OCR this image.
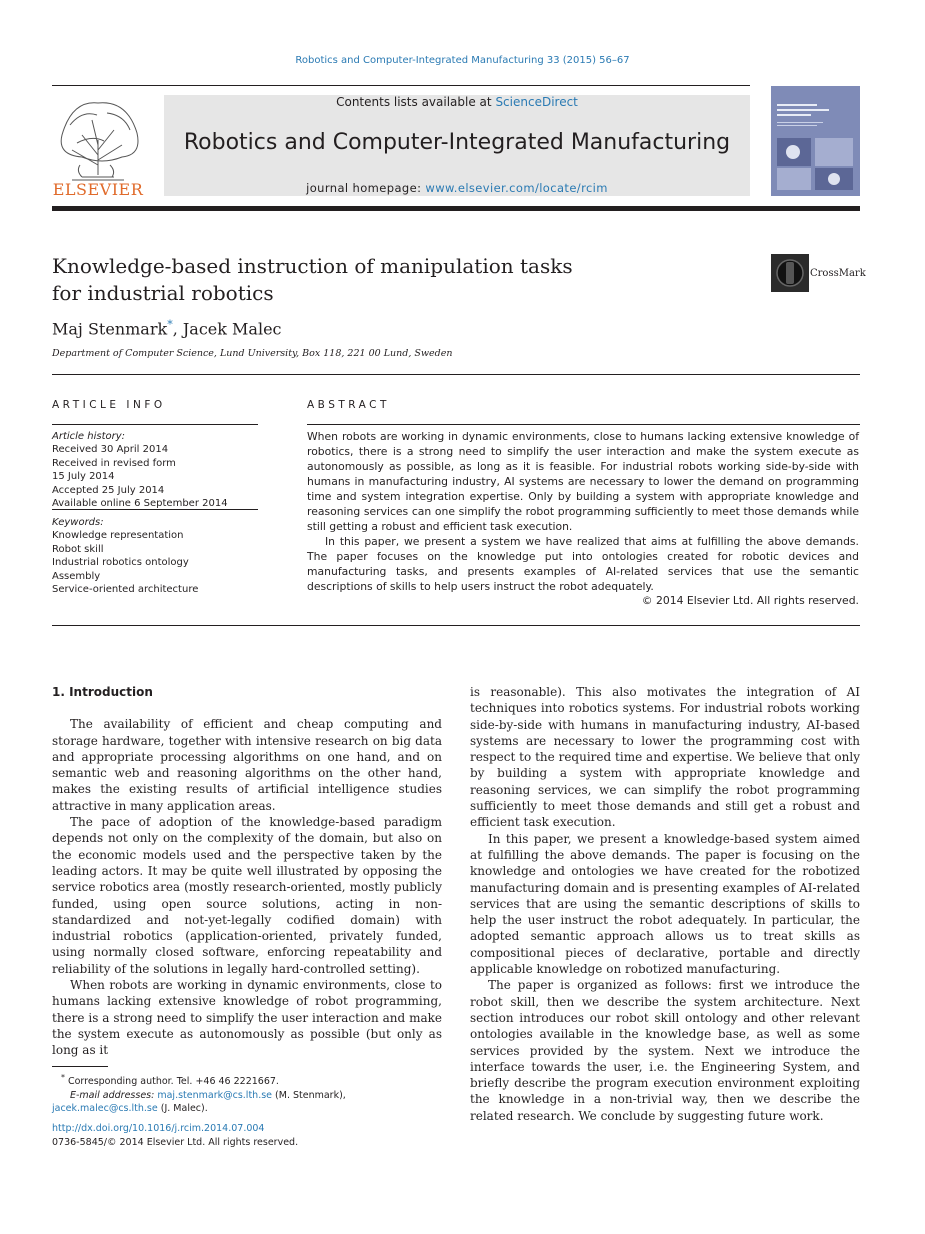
Robotics and Computer-Integrated Manufacturing 33 (2015) 56–67
ELSEVIER
Contents lists available at ScienceDirect
Robotics and Computer-Integrated Manufacturing
journal homepage: www.elsevier.com/locate/rcim
Knowledge-based instruction of manipulation tasks
for industrial robotics
CrossMark
Maj Stenmark*, Jacek Malec
Department of Computer Science, Lund University, Box 118, 221 00 Lund, Sweden
ARTICLE INFO	ABSTRACT
Article history:
Received 30 April 2014
Received in revised form
15 July 2014
Accepted 25 July 2014
Available online 6 September 2014
Keywords:
Knowledge representation
Robot skill
Industrial robotics ontology
Assembly
Service-oriented architecture

When robots are working in dynamic environments, close to humans lacking extensive knowledge of robotics, there is a strong need to simplify the user interaction and make the system execute as autonomously as possible, as long as it is feasible. For industrial robots working side-by-side with humans in manufacturing industry, AI systems are necessary to lower the demand on programming time and system integration expertise. Only by building a system with appropriate knowledge and reasoning services can one simplify the robot programming sufficiently to meet those demands while still getting a robust and efficient task execution.

In this paper, we present a system we have realized that aims at fulfilling the above demands. The paper focuses on the knowledge put into ontologies created for robotic devices and manufacturing tasks, and presents examples of AI-related services that use the semantic descriptions of skills to help users instruct the robot adequately.

© 2014 Elsevier Ltd. All rights reserved.

1. Introduction

The availability of efficient and cheap computing and storage hardware, together with intensive research on big data and appropriate processing algorithms on one hand, and on semantic web and reasoning algorithms on the other hand, makes the existing results of artificial intelligence studies attractive in many application areas.

The pace of adoption of the knowledge-based paradigm depends not only on the complexity of the domain, but also on the economic models used and the perspective taken by the leading actors. It may be quite well illustrated by opposing the service robotics area (mostly research-oriented, mostly publicly funded, using open source solutions, acting in non-standardized and not-yet-legally codified domain) with industrial robotics (application-oriented, privately funded, using normally closed software, enforcing repeatability and reliability of the solutions in legally hard-controlled setting).

When robots are working in dynamic environments, close to humans lacking extensive knowledge of robot programming, there is a strong need to simplify the user interaction and make the system execute as autonomously as possible (but only as long as it

is reasonable). This also motivates the integration of AI techniques into robotics systems. For industrial robots working side-by-side with humans in manufacturing industry, AI-based systems are necessary to lower the programming cost with respect to the required time and expertise. We believe that only by building a system with appropriate knowledge and reasoning services, we can simplify the robot programming sufficiently to meet those demands and still get a robust and efficient task execution.

In this paper, we present a knowledge-based system aimed at fulfilling the above demands. The paper is focusing on the knowledge and ontologies we have created for the robotized manufacturing domain and is presenting examples of AI-related services that are using the semantic descriptions of skills to help the user instruct the robot adequately. In particular, the adopted semantic approach allows us to treat skills as compositional pieces of declarative, portable and directly applicable knowledge on robotized manufacturing.

The paper is organized as follows: first we introduce the robot skill, then we describe the system architecture. Next section introduces our robot skill ontology and other relevant ontologies available in the knowledge base, as well as some services provided by the system. Next we introduce the interface towards the user, i.e. the Engineering System, and briefly describe the program execution environment exploiting the knowledge in a non-trivial way, then we describe the related research. We conclude by suggesting future work.

* Corresponding author. Tel. +46 46 2221667.
E-mail addresses: maj.stenmark@cs.lth.se (M. Stenmark),
jacek.malec@cs.lth.se (J. Malec).
http://dx.doi.org/10.1016/j.rcim.2014.07.004
0736-5845/© 2014 Elsevier Ltd. All rights reserved.
